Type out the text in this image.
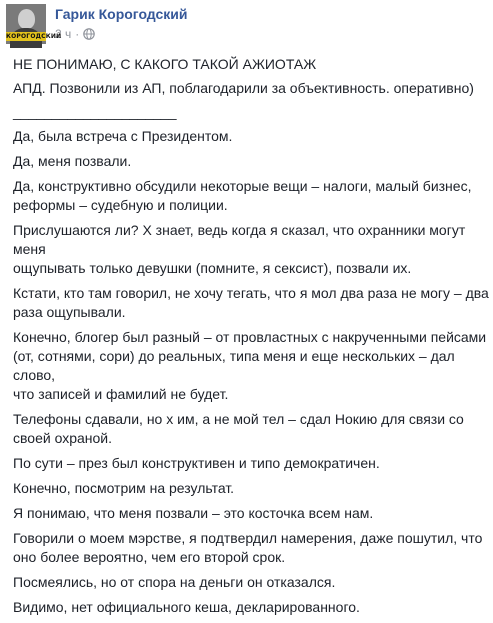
КОРОГОДСКИЙ
Гарик Корогодский
2 ч ·

НЕ ПОНИМАЮ, С КАКОГО ТАКОЙ АЖИОТАЖ

АПД. Позвонили из АП, поблагодарили за объективность. оперативно)

_____________________

Да, была встреча с Президентом.

Да, меня позвали.

Да, конструктивно обсудили некоторые вещи – налоги, малый бизнес,
реформы – судебную и полиции.

Прислушаются ли? Х знает, ведь когда я сказал, что охранники могут меня
ощупывать только девушки (помните, я сексист), позвали их.

Кстати, кто там говорил, не хочу тегать, что я мол два раза не могу – два
раза ощупывали.

Конечно, блогер был разный – от провластных с накрученными пейсами
(от, сотнями, сори) до реальных, типа меня и еще нескольких – дал слово,
что записей и фамилий не будет.

Телефоны сдавали, но х им, а не мой тел – сдал Нокию для связи со
своей охраной.

По сути – през был конструктивен и типо демократичен.

Конечно, посмотрим на результат.

Я понимаю, что меня позвали – это косточка всем нам.

Говорили о моем мэрстве, я подтвердил намерения, даже пошутил, что
оно более вероятно, чем его второй срок.

Посмеялись, но от спора на деньги он отказался.

Видимо, нет официального кеша, декларированного.
